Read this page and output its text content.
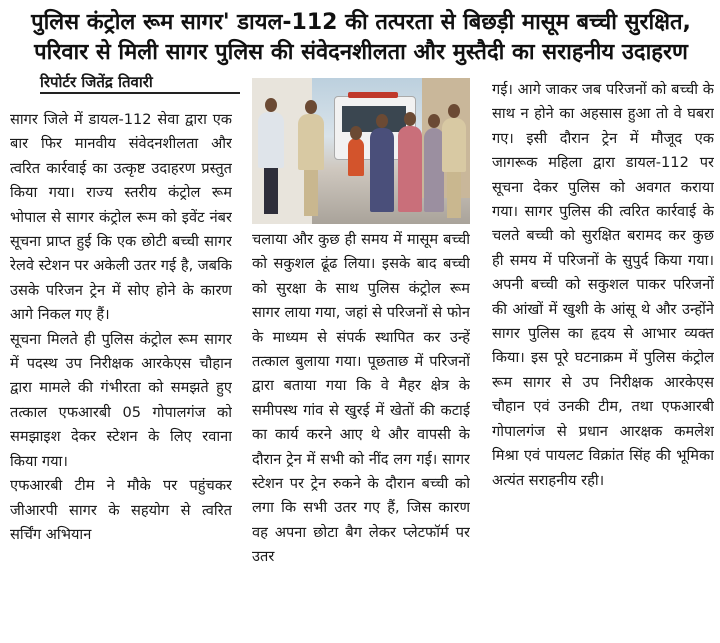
पुलिस कंट्रोल रूम सागर' डायल-112 की तत्परता से बिछड़ी मासूम बच्ची सुरक्षित, परिवार से मिली सागर पुलिस की संवेदनशीलता और मुस्तैदी का सराहनीय उदाहरण
रिपोर्टर जितेंद्र तिवारी

सागर जिले में डायल-112 सेवा द्वारा एक बार फिर मानवीय संवेदनशीलता और त्वरित कार्रवाई का उत्कृष्ट उदाहरण प्रस्तुत किया गया। राज्य स्तरीय कंट्रोल रूम भोपाल से सागर कंट्रोल रूम को इवेंट नंबर सूचना प्राप्त हुई कि एक छोटी बच्ची सागर रेलवे स्टेशन पर अकेली उतर गई है, जबकि उसके परिजन ट्रेन में सोए होने के कारण आगे निकल गए हैं।

सूचना मिलते ही पुलिस कंट्रोल रूम सागर में पदस्थ उप निरीक्षक आरकेएस चौहान द्वारा मामले की गंभीरता को समझते हुए तत्काल एफआरबी 05 गोपालगंज को समझाइश देकर स्टेशन के लिए रवाना किया गया।

एफआरबी टीम ने मौके पर पहुंचकर जीआरपी सागर के सहयोग से त्वरित सर्चिंग अभियान

चलाया और कुछ ही समय में मासूम बच्ची को सकुशल ढूंढ लिया। इसके बाद बच्ची को सुरक्षा के साथ पुलिस कंट्रोल रूम सागर लाया गया, जहां से परिजनों से फोन के माध्यम से संपर्क स्थापित कर उन्हें तत्काल बुलाया गया। पूछताछ में परिजनों द्वारा बताया गया कि वे मैहर क्षेत्र के समीपस्थ गांव से खुरई में खेतों की कटाई का कार्य करने आए थे और वापसी के दौरान ट्रेन में सभी को नींद लग गई। सागर स्टेशन पर ट्रेन रुकने के दौरान बच्ची को लगा कि सभी उतर गए हैं, जिस कारण वह अपना छोटा बैग लेकर प्लेटफॉर्म पर उतर

गई। आगे जाकर जब परिजनों को बच्ची के साथ न होने का अहसास हुआ तो वे घबरा गए। इसी दौरान ट्रेन में मौजूद एक जागरूक महिला द्वारा डायल-112 पर सूचना देकर पुलिस को अवगत कराया गया। सागर पुलिस की त्वरित कार्रवाई के चलते बच्ची को सुरक्षित बरामद कर कुछ ही समय में परिजनों के सुपुर्द किया गया। अपनी बच्ची को सकुशल पाकर परिजनों की आंखों में खुशी के आंसू थे और उन्होंने सागर पुलिस का हृदय से आभार व्यक्त किया। इस पूरे घटनाक्रम में पुलिस कंट्रोल रूम सागर से उप निरीक्षक आरकेएस चौहान एवं उनकी टीम, तथा एफआरबी गोपालगंज से प्रधान आरक्षक कमलेश मिश्रा एवं पायलट विक्रांत सिंह की भूमिका अत्यंत सराहनीय रही।
